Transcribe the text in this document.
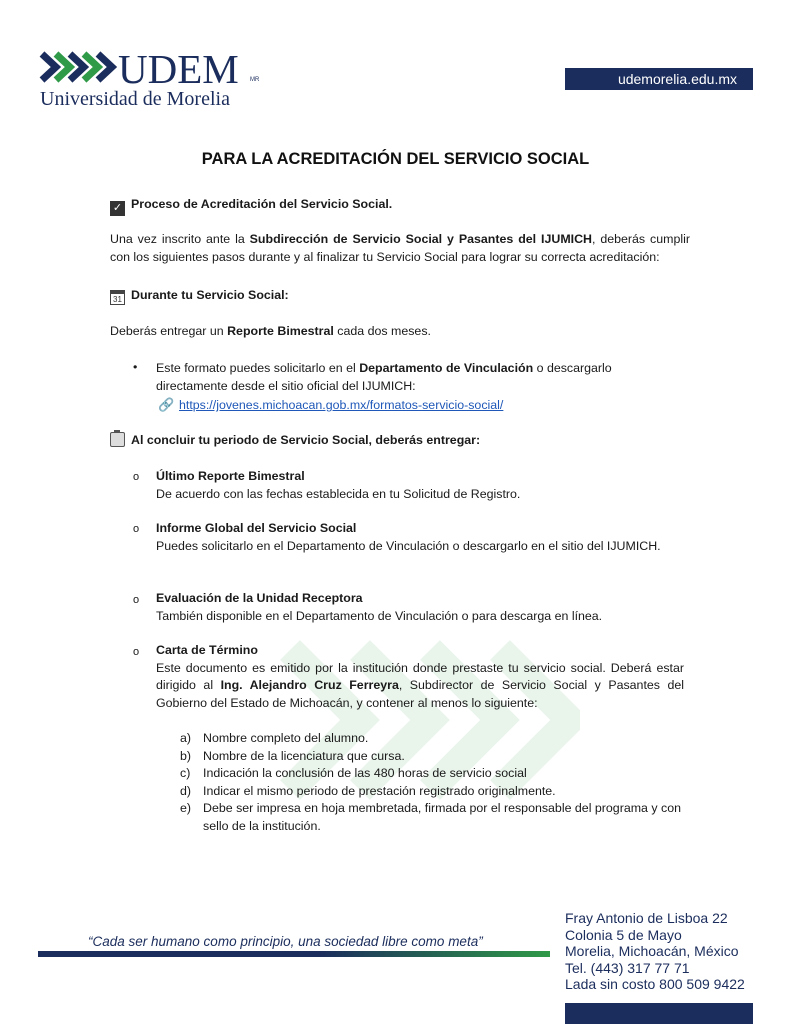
UDEM MR
Universidad de Morelia
udemorelia.edu.mx
PARA LA ACREDITACIÓN DEL SERVICIO SOCIAL
✓ Proceso de Acreditación del Servicio Social.
Una vez inscrito ante la Subdirección de Servicio Social y Pasantes del IJUMICH, deberás cumplir con los siguientes pasos durante y al finalizar tu Servicio Social para lograr su correcta acreditación:
31 Durante tu Servicio Social:
Deberás entregar un Reporte Bimestral cada dos meses.
• Este formato puedes solicitarlo en el Departamento de Vinculación o descargarlo directamente desde el sitio oficial del IJUMICH:
🔗 https://jovenes.michoacan.gob.mx/formatos-servicio-social/
Al concluir tu periodo de Servicio Social, deberás entregar:
o Último Reporte Bimestral
De acuerdo con las fechas establecida en tu Solicitud de Registro.
o Informe Global del Servicio Social
Puedes solicitarlo en el Departamento de Vinculación o descargarlo en el sitio del IJUMICH.
o Evaluación de la Unidad Receptora
También disponible en el Departamento de Vinculación o para descarga en línea.
o Carta de Término
Este documento es emitido por la institución donde prestaste tu servicio social. Deberá estar dirigido al Ing. Alejandro Cruz Ferreyra, Subdirector de Servicio Social y Pasantes del Gobierno del Estado de Michoacán, y contener al menos lo siguiente:
a) Nombre completo del alumno.
b) Nombre de la licenciatura que cursa.
c) Indicación la conclusión de las 480 horas de servicio social
d) Indicar el mismo periodo de prestación registrado originalmente.
e) Debe ser impresa en hoja membretada, firmada por el responsable del programa y con sello de la institución.
“Cada ser humano como principio, una sociedad libre como meta”
Fray Antonio de Lisboa 22
Colonia 5 de Mayo
Morelia, Michoacán, México
Tel. (443) 317 77 71
Lada sin costo 800 509 9422
